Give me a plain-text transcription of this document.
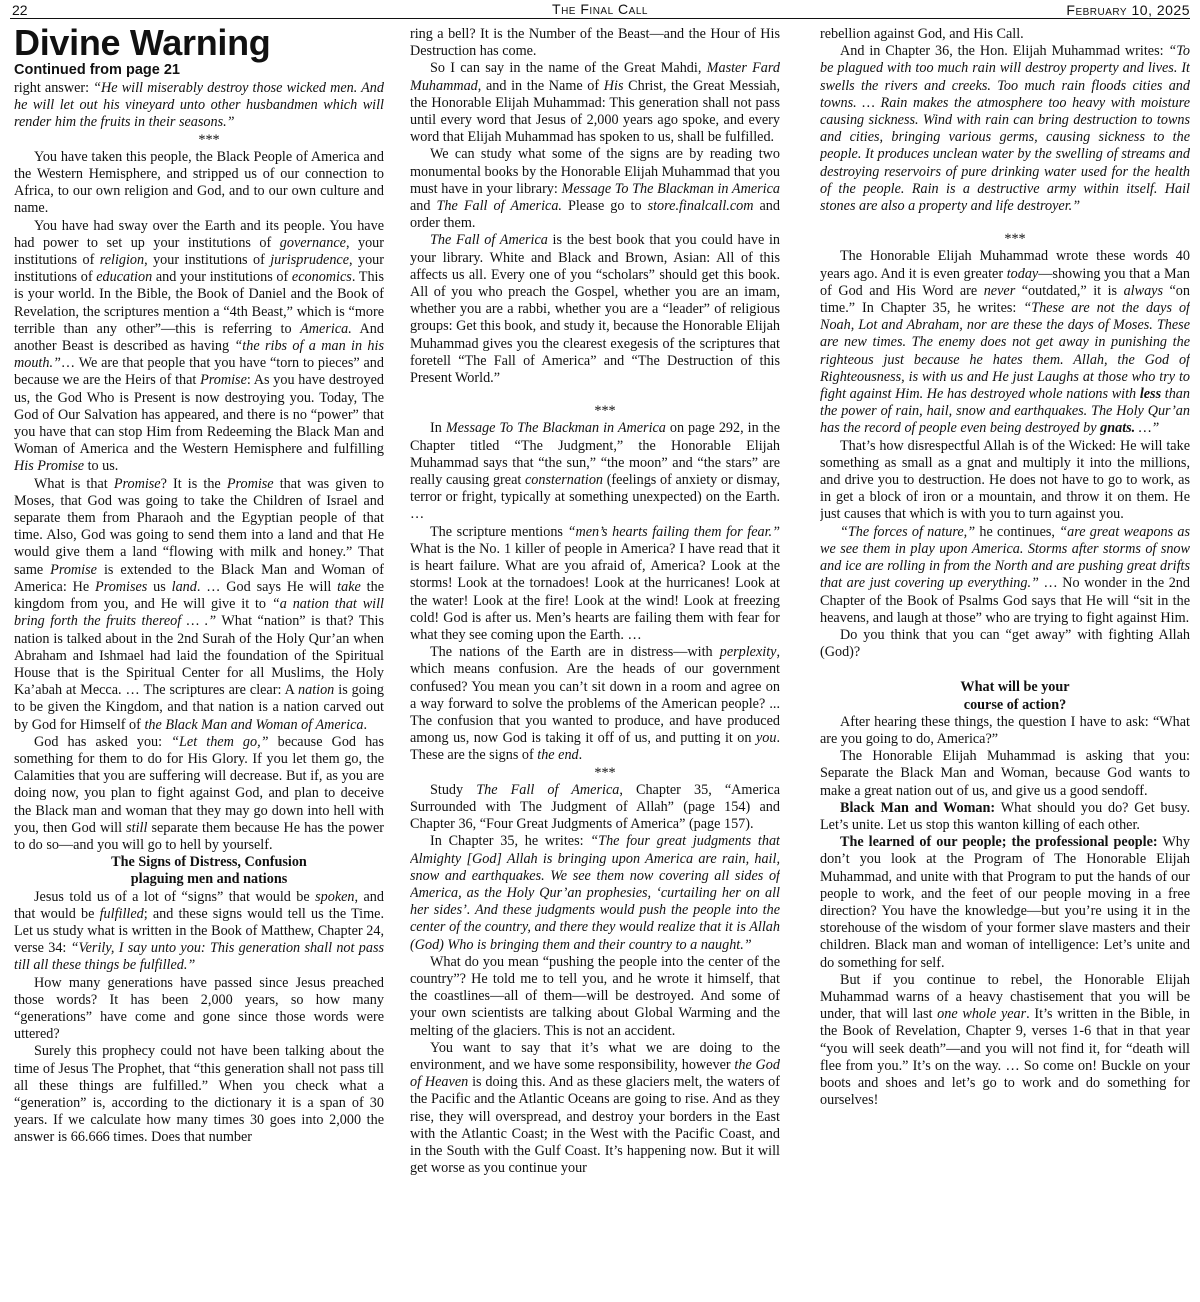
22	The Final Call	February 10, 2025
Divine Warning
Continued from page 21

right answer: “He will miserably destroy those wicked men. And he will let out his vineyard unto other husbandmen which will render him the fruits in their seasons.”

***

You have taken this people, the Black People of America and the Western Hemisphere, and stripped us of our connection to Africa, to our own religion and God, and to our own culture and name.

You have had sway over the Earth and its people. You have had power to set up your institutions of governance, your institutions of religion, your institutions of jurisprudence, your institutions of education and your institutions of economics. This is your world. In the Bible, the Book of Daniel and the Book of Revelation, the scriptures mention a “4th Beast,” which is “more terrible than any other”—this is referring to America. And another Beast is described as having “the ribs of a man in his mouth.”… We are that people that you have “torn to pieces” and because we are the Heirs of that Promise: As you have destroyed us, the God Who is Present is now destroying you. Today, The God of Our Salvation has appeared, and there is no “power” that you have that can stop Him from Redeeming the Black Man and Woman of America and the Western Hemisphere and fulfilling His Promise to us.

What is that Promise? It is the Promise that was given to Moses, that God was going to take the Children of Israel and separate them from Pharaoh and the Egyptian people of that time. Also, God was going to send them into a land and that He would give them a land “flowing with milk and honey.” That same Promise is extended to the Black Man and Woman of America: He Promises us land. … God says He will take the kingdom from you, and He will give it to “a nation that will bring forth the fruits thereof … .” What “nation” is that? This nation is talked about in the 2nd Surah of the Holy Qur’an when Abraham and Ishmael had laid the foundation of the Spiritual House that is the Spiritual Center for all Muslims, the Holy Ka’abah at Mecca. … The scriptures are clear: A nation is going to be given the Kingdom, and that nation is a nation carved out by God for Himself of the Black Man and Woman of America.

God has asked you: “Let them go,” because God has something for them to do for His Glory. If you let them go, the Calamities that you are suffering will decrease. But if, as you are doing now, you plan to fight against God, and plan to deceive the Black man and woman that they may go down into hell with you, then God will still separate them because He has the power to do so—and you will go to hell by yourself.

The Signs of Distress, Confusion

plaguing men and nations

Jesus told us of a lot of “signs” that would be spoken, and that would be fulfilled; and these signs would tell us the Time. Let us study what is written in the Book of Matthew, Chapter 24, verse 34: “Verily, I say unto you: This generation shall not pass till all these things be fulfilled.”

How many generations have passed since Jesus preached those words? It has been 2,000 years, so how many “generations” have come and gone since those words were uttered?

Surely this prophecy could not have been talking about the time of Jesus The Prophet, that “this generation shall not pass till all these things are fulfilled.” When you check what a “generation” is, according to the dictionary it is a span of 30 years. If we calculate how many times 30 goes into 2,000 the answer is 66.666 times. Does that number

ring a bell? It is the Number of the Beast—and the Hour of His Destruction has come.

So I can say in the name of the Great Mahdi, Master Fard Muhammad, and in the Name of His Christ, the Great Messiah, the Honorable Elijah Muhammad: This generation shall not pass until every word that Jesus of 2,000 years ago spoke, and every word that Elijah Muhammad has spoken to us, shall be fulfilled.

We can study what some of the signs are by reading two monumental books by the Honorable Elijah Muhammad that you must have in your library: Message To The Blackman in America and The Fall of America. Please go to store.finalcall.com and order them.

The Fall of America is the best book that you could have in your library. White and Black and Brown, Asian: All of this affects us all. Every one of you “scholars” should get this book. All of you who preach the Gospel, whether you are an imam, whether you are a rabbi, whether you are a “leader” of religious groups: Get this book, and study it, because the Honorable Elijah Muhammad gives you the clearest exegesis of the scriptures that foretell “The Fall of America” and “The Destruction of this Present World.”

***

In Message To The Blackman in America on page 292, in the Chapter titled “The Judgment,” the Honorable Elijah Muhammad says that “the sun,” “the moon” and “the stars” are really causing great consternation (feelings of anxiety or dismay, terror or fright, typically at something unexpected) on the Earth. …

The scripture mentions “men’s hearts failing them for fear.” What is the No. 1 killer of people in America? I have read that it is heart failure. What are you afraid of, America? Look at the storms! Look at the tornadoes! Look at the hurricanes! Look at the water! Look at the fire! Look at the wind! Look at freezing cold! God is after us. Men’s hearts are failing them with fear for what they see coming upon the Earth. …

The nations of the Earth are in distress—with perplexity, which means confusion. Are the heads of our government confused? You mean you can’t sit down in a room and agree on a way forward to solve the problems of the American people? ... The confusion that you wanted to produce, and have produced among us, now God is taking it off of us, and putting it on you. These are the signs of the end.

***

Study The Fall of America, Chapter 35, “America Surrounded with The Judgment of Allah” (page 154) and Chapter 36, “Four Great Judgments of America” (page 157).

In Chapter 35, he writes: “The four great judgments that Almighty [God] Allah is bringing upon America are rain, hail, snow and earthquakes. We see them now covering all sides of America, as the Holy Qur’an prophesies, ‘curtailing her on all her sides’. And these judgments would push the people into the center of the country, and there they would realize that it is Allah (God) Who is bringing them and their country to a naught.”

What do you mean “pushing the people into the center of the country”? He told me to tell you, and he wrote it himself, that the coastlines—all of them—will be destroyed. And some of your own scientists are talking about Global Warming and the melting of the glaciers. This is not an accident.

You want to say that it’s what we are doing to the environment, and we have some responsibility, however the God of Heaven is doing this. And as these glaciers melt, the waters of the Pacific and the Atlantic Oceans are going to rise. And as they rise, they will overspread, and destroy your borders in the East with the Atlantic Coast; in the West with the Pacific Coast, and in the South with the Gulf Coast. It’s happening now. But it will get worse as you continue your

rebellion against God, and His Call.

And in Chapter 36, the Hon. Elijah Muhammad writes: “To be plagued with too much rain will destroy property and lives. It swells the rivers and creeks. Too much rain floods cities and towns. … Rain makes the atmosphere too heavy with moisture causing sickness. Wind with rain can bring destruction to towns and cities, bringing various germs, causing sickness to the people. It produces unclean water by the swelling of streams and destroying reservoirs of pure drinking water used for the health of the people. Rain is a destructive army within itself. Hail stones are also a property and life destroyer.”

***

The Honorable Elijah Muhammad wrote these words 40 years ago. And it is even greater today—showing you that a Man of God and His Word are never “outdated,” it is always “on time.” In Chapter 35, he writes: “These are not the days of Noah, Lot and Abraham, nor are these the days of Moses. These are new times. The enemy does not get away in punishing the righteous just because he hates them. Allah, the God of Righteousness, is with us and He just Laughs at those who try to fight against Him. He has destroyed whole nations with less than the power of rain, hail, snow and earthquakes. The Holy Qur’an has the record of people even being destroyed by gnats. …”

That’s how disrespectful Allah is of the Wicked: He will take something as small as a gnat and multiply it into the millions, and drive you to destruction. He does not have to go to work, as in get a block of iron or a mountain, and throw it on them. He just causes that which is with you to turn against you.

“The forces of nature,” he continues, “are great weapons as we see them in play upon America. Storms after storms of snow and ice are rolling in from the North and are pushing great drifts that are just covering up everything.” … No wonder in the 2nd Chapter of the Book of Psalms God says that He will “sit in the heavens, and laugh at those” who are trying to fight against Him.

Do you think that you can “get away” with fighting Allah (God)?

What will be your

course of action?

After hearing these things, the question I have to ask: “What are you going to do, America?”

The Honorable Elijah Muhammad is asking that you: Separate the Black Man and Woman, because God wants to make a great nation out of us, and give us a good sendoff.

Black Man and Woman: What should you do? Get busy. Let’s unite. Let us stop this wanton killing of each other.

The learned of our people; the professional people: Why don’t you look at the Program of The Honorable Elijah Muhammad, and unite with that Program to put the hands of our people to work, and the feet of our people moving in a free direction? You have the knowledge—but you’re using it in the storehouse of the wisdom of your former slave masters and their children. Black man and woman of intelligence: Let’s unite and do something for self.

But if you continue to rebel, the Honorable Elijah Muhammad warns of a heavy chastisement that you will be under, that will last one whole year. It’s written in the Bible, in the Book of Revelation, Chapter 9, verses 1-6 that in that year “you will seek death”—and you will not find it, for “death will flee from you.” It’s on the way. … So come on! Buckle on your boots and shoes and let’s go to work and do something for ourselves!
